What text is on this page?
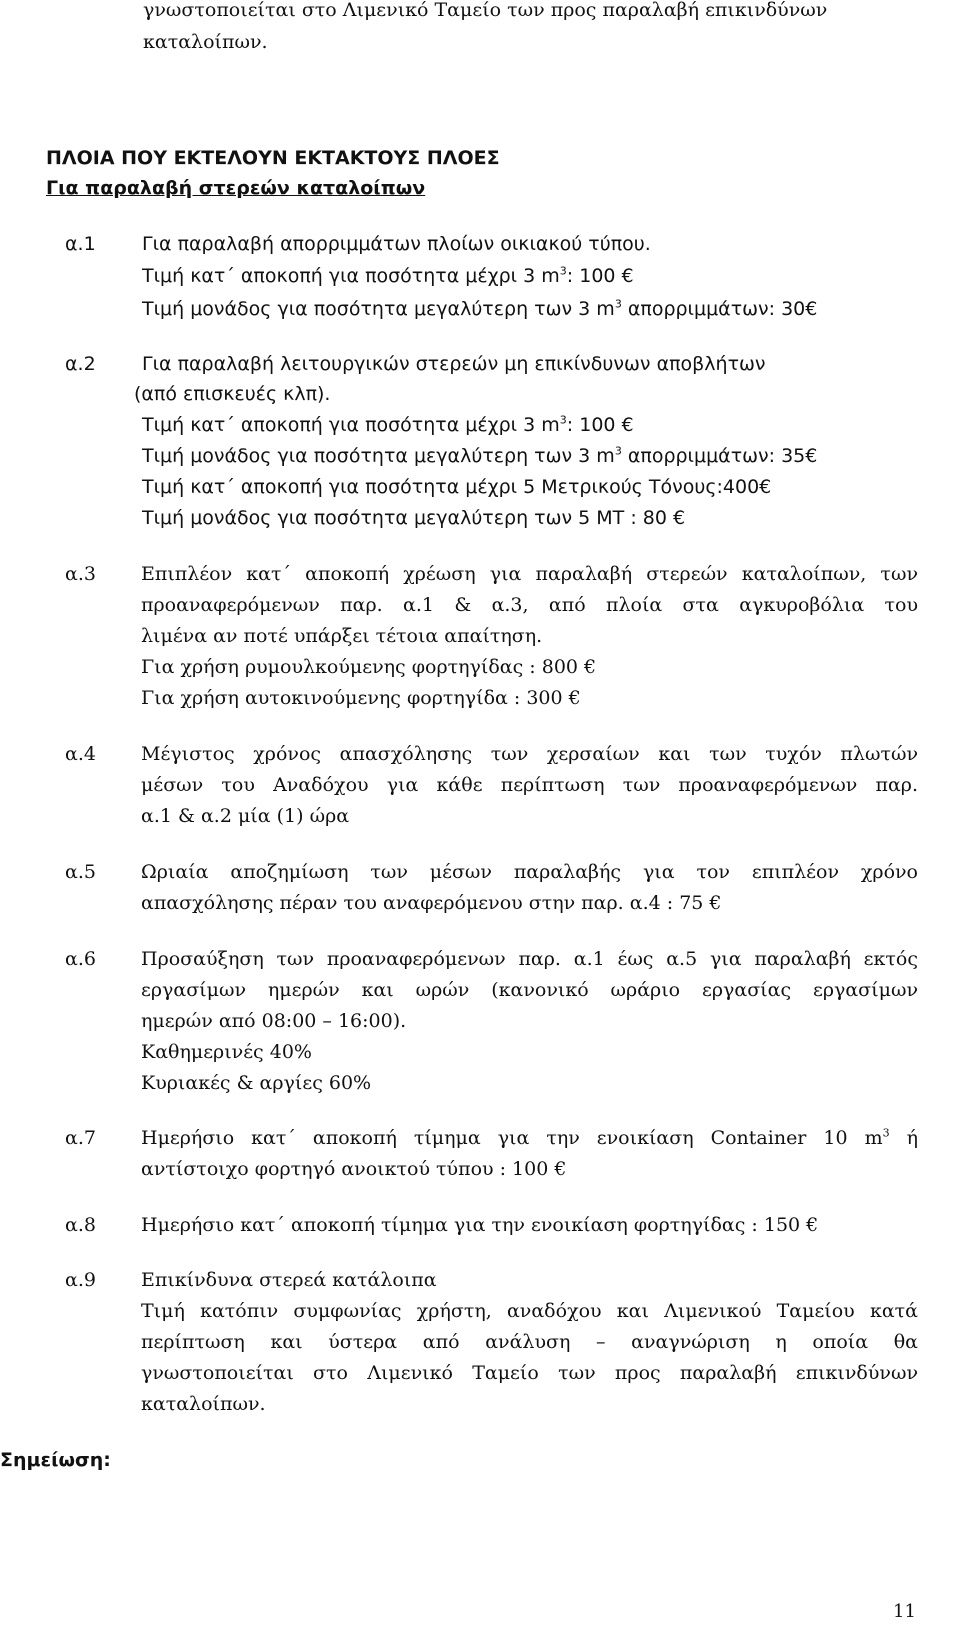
γνωστοποιείται στο Λιμενικό Ταμείο των προς παραλαβή επικινδύνων
καταλοίπων.
ΠΛΟΙΑ ΠΟΥ ΕΚΤΕΛΟΥΝ ΕΚΤΑΚΤΟΥΣ ΠΛΟΕΣ
Για παραλαβή στερεών καταλοίπων
α.1 Για παραλαβή απορριμμάτων πλοίων οικιακού τύπου.
Τιμή κατ΄ αποκοπή για ποσότητα μέχρι 3 $m^3$: 100 €
Τιμή μονάδος για ποσότητα μεγαλύτερη των 3 $m^3$ απορριμμάτων: 30€
α.2 Για παραλαβή λειτουργικών στερεών μη επικίνδυνων αποβλήτων
(από επισκευές κλπ).
Τιμή κατ΄ αποκοπή για ποσότητα μέχρι 3 $m^3$: 100 €
Τιμή μονάδος για ποσότητα μεγαλύτερη των 3 $m^3$ απορριμμάτων: 35€
Τιμή κατ΄ αποκοπή για ποσότητα μέχρι 5 Μετρικούς Τόνους:400€
Τιμή μονάδος για ποσότητα μεγαλύτερη των 5 ΜΤ : 80 €
α.3 Επιπλέον κατ΄ αποκοπή χρέωση για παραλαβή στερεών καταλοίπων, των
προαναφερόμενων παρ. α.1 & α.3, από πλοία στα αγκυροβόλια του
λιμένα αν ποτέ υπάρξει τέτοια απαίτηση.
Για χρήση ρυμουλκούμενης φορτηγίδας : 800 €
Για χρήση αυτοκινούμενης φορτηγίδα : 300 €
α.4 Μέγιστος χρόνος απασχόλησης των χερσαίων και των τυχόν πλωτών
μέσων του Αναδόχου για κάθε περίπτωση των προαναφερόμενων παρ.
α.1 & α.2 μία (1) ώρα
α.5 Ωριαία αποζημίωση των μέσων παραλαβής για τον επιπλέον χρόνο
απασχόλησης πέραν του αναφερόμενου στην παρ. α.4 : 75 €
α.6 Προσαύξηση των προαναφερόμενων παρ. α.1 έως α.5 για παραλαβή εκτός
εργασίμων ημερών και ωρών (κανονικό ωράριο εργασίας εργασίμων
ημερών από 08:00 – 16:00).
Καθημερινές 40%
Κυριακές & αργίες 60%
α.7 Ημερήσιο κατ΄ αποκοπή τίμημα για την ενοικίαση Container 10 $m^3$ ή
αντίστοιχο φορτηγό ανοικτού τύπου : 100 €
α.8 Ημερήσιο κατ΄ αποκοπή τίμημα για την ενοικίαση φορτηγίδας : 150 €
α.9 Επικίνδυνα στερεά κατάλοιπα
Τιμή κατόπιν συμφωνίας χρήστη, αναδόχου και Λιμενικού Ταμείου κατά
περίπτωση και ύστερα από ανάλυση – αναγνώριση η οποία θα
γνωστοποιείται στο Λιμενικό Ταμείο των προς παραλαβή επικινδύνων
καταλοίπων.
Σημείωση:
11
